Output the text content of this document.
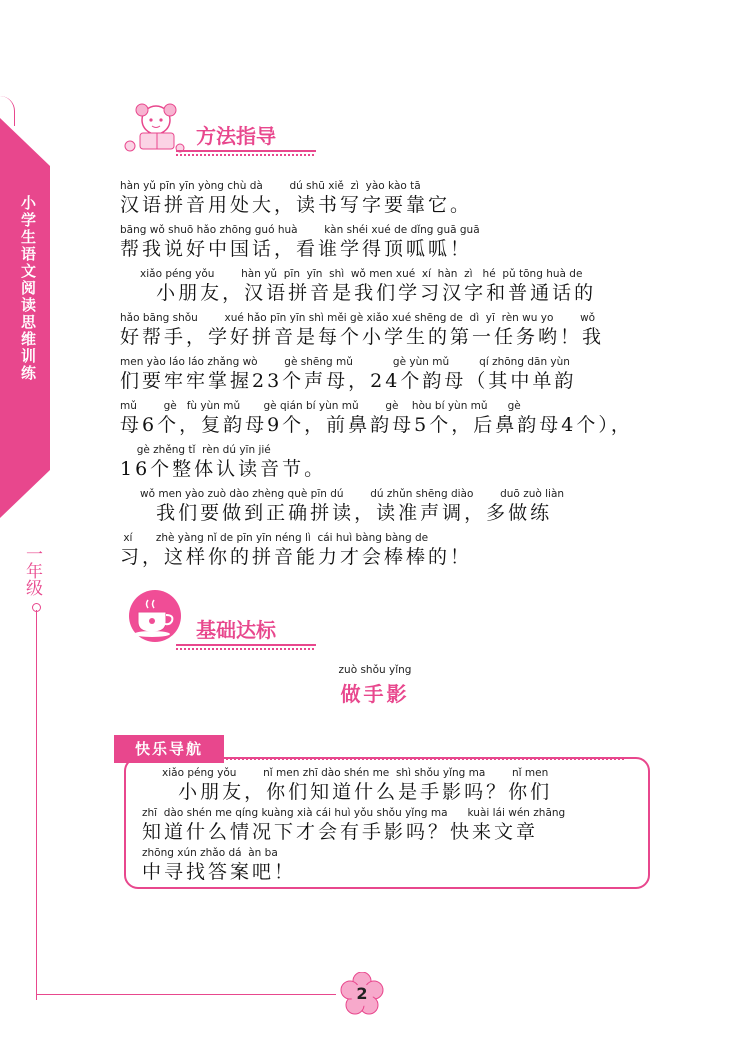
小学生语文阅读思维训练
一年级
方法指导
hàn yǔ pīn yīn yòng chù dà        dú shū xiě  zì  yào kào tā
汉语拼音用处大，读书写字要靠它。
bāng wǒ shuō hǎo zhōng guó huà        kàn shéi xué de dǐng guā guā
帮我说好中国话，看谁学得顶呱呱！
xiǎo péng yǒu        hàn yǔ  pīn  yīn  shì  wǒ men xué  xí  hàn  zì   hé  pǔ tōng huà de
小朋友，汉语拼音是我们学习汉字和普通话的
hǎo bāng shǒu        xué hǎo pīn yīn shì měi gè xiǎo xué shēng de  dì  yī  rèn wu yo        wǒ
好帮手，学好拼音是每个小学生的第一任务哟！我
men yào láo láo zhǎng wò        gè shēng mǔ            gè yùn mǔ         qí zhōng dān yùn
们要牢牢掌握23个声母，24个韵母（其中单韵
mǔ        gè   fù yùn mǔ       gè qián bí yùn mǔ        gè    hòu bí yùn mǔ      gè
母6个，复韵母9个，前鼻韵母5个，后鼻韵母4个），
gè zhěng tǐ  rèn dú yīn jié
16个整体认读音节。
wǒ men yào zuò dào zhèng què pīn dú        dú zhǔn shēng diào        duō zuò liàn
我们要做到正确拼读，读准声调，多做练
xí       zhè yàng nǐ de pīn yīn néng lì  cái huì bàng bàng de
习，这样你的拼音能力才会棒棒的！
基础达标
zuò shǒu yǐng
做手影
xiǎo péng yǒu        nǐ men zhī dào shén me  shì shǒu yǐng ma        nǐ men
小朋友，你们知道什么是手影吗？你们
zhī  dào shén me qíng kuàng xià cái huì yǒu shǒu yǐng ma      kuài lái wén zhāng
知道什么情况下才会有手影吗？快来文章
zhōng xún zhǎo dá  àn ba
中寻找答案吧！
快乐导航
2
